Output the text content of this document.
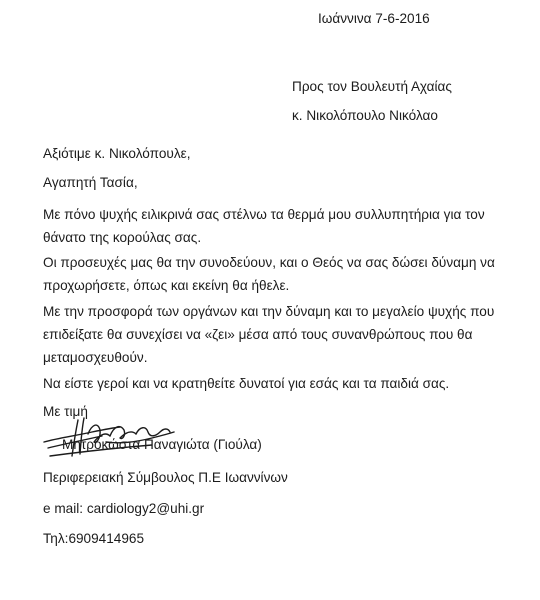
Ιωάννινα 7-6-2016
Προς τον Βουλευτή Αχαίας
κ. Νικολόπουλο Νικόλαο
Αξιότιμε κ. Νικολόπουλε,
Αγαπητή Τασία,
Με πόνο ψυχής ειλικρινά σας στέλνω τα θερμά μου συλλυπητήρια για τον θάνατο της κορούλας σας.
Οι προσευχές μας θα την συνοδεύουν, και ο Θεός να σας δώσει δύναμη να προχωρήσετε, όπως και εκείνη θα ήθελε.
Με την προσφορά των οργάνων και την δύναμη και το μεγαλείο ψυχής που επιδείξατε θα συνεχίσει να «ζει» μέσα από τους συνανθρώπους που θα μεταμοσχευθούν.
Να είστε γεροί και να κρατηθείτε δυνατοί για εσάς και τα παιδιά σας.
Με τιμή
Μητροκώστα Παναγιώτα (Γιούλα)
Περιφερειακή Σύμβουλος Π.Ε Ιωαννίνων
e mail: cardiology2@uhi.gr
Τηλ:6909414965
